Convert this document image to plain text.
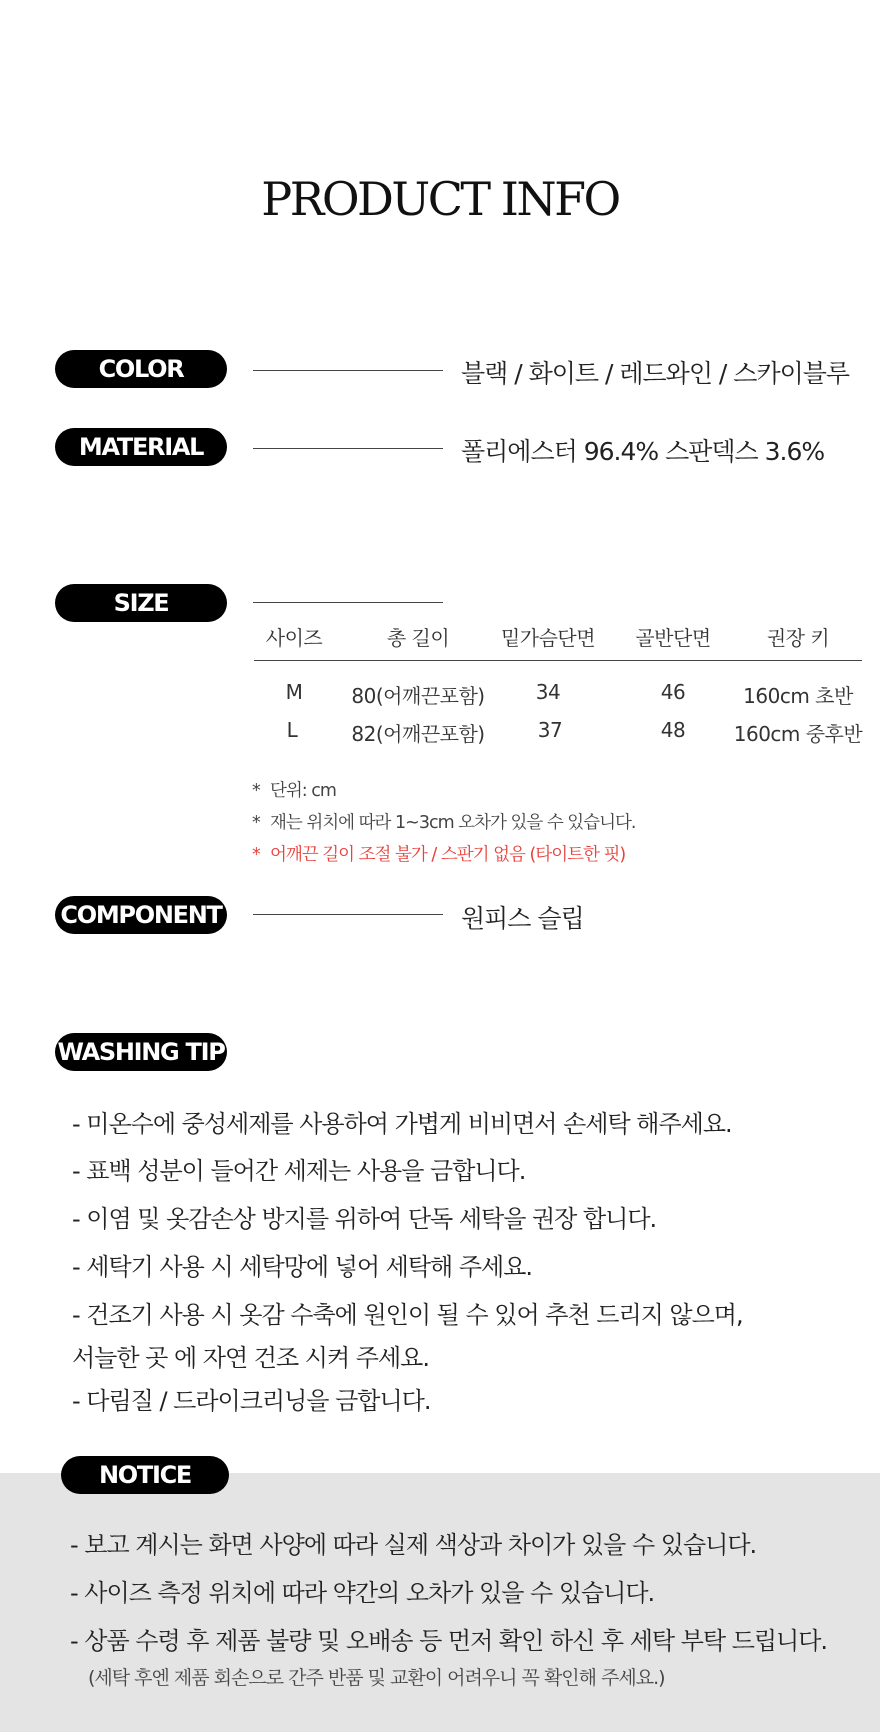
PRODUCT INFO
COLOR	블랙 / 화이트 / 레드와인 / 스카이블루
MATERIAL	폴리에스터 96.4% 스판덱스 3.6%
SIZE
사이즈	총 길이	밑가슴단면	골반단면	권장 키
M	80(어깨끈포함)	34	46	160cm 초반
L	82(어깨끈포함)	37	48	160cm 중후반
* 단위: cm
* 재는 위치에 따라 1~3cm 오차가 있을 수 있습니다.
* 어깨끈 길이 조절 불가 / 스판기 없음 (타이트한 핏)
COMPONENT	원피스 슬립
WASHING TIP
- 미온수에 중성세제를 사용하여 가볍게 비비면서 손세탁 해주세요.
- 표백 성분이 들어간 세제는 사용을 금합니다.
- 이염 및 옷감손상 방지를 위하여 단독 세탁을 권장 합니다.
- 세탁기 사용 시 세탁망에 넣어 세탁해 주세요.
- 건조기 사용 시 옷감 수축에 원인이 될 수 있어 추천 드리지 않으며,
서늘한 곳 에 자연 건조 시켜 주세요.
- 다림질 / 드라이크리닝을 금합니다.
NOTICE
- 보고 계시는 화면 사양에 따라 실제 색상과 차이가 있을 수 있습니다.
- 사이즈 측정 위치에 따라 약간의 오차가 있을 수 있습니다.
- 상품 수령 후 제품 불량 및 오배송 등 먼저 확인 하신 후 세탁 부탁 드립니다.
(세탁 후엔 제품 회손으로 간주 반품 및 교환이 어려우니 꼭 확인해 주세요.)
